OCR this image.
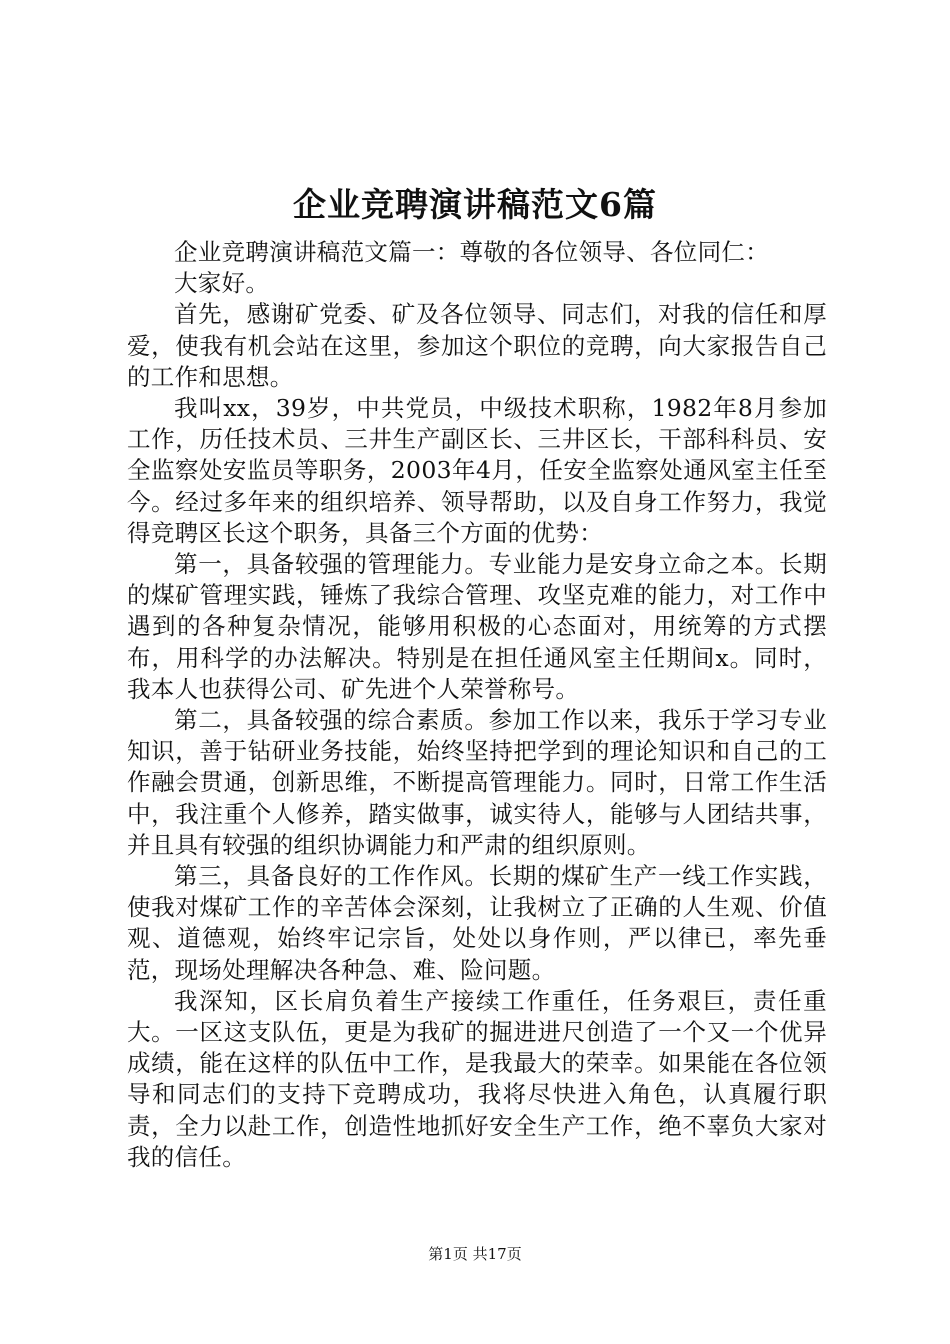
企业竞聘演讲稿范文6篇

企业竞聘演讲稿范文篇一：尊敬的各位领导、各位同仁：

大家好。

首先，感谢矿党委、矿及各位领导、同志们，对我的信任和厚爱，使我有机会站在这里，参加这个职位的竞聘，向大家报告自己的工作和思想。

我叫xx，39岁，中共党员，中级技术职称，1982年8月参加工作，历任技术员、三井生产副区长、三井区长，干部科科员、安全监察处安监员等职务，2003年4月，任安全监察处通风室主任至今。经过多年来的组织培养、领导帮助，以及自身工作努力，我觉得竞聘区长这个职务，具备三个方面的优势：

第一，具备较强的管理能力。专业能力是安身立命之本。长期的煤矿管理实践，锤炼了我综合管理、攻坚克难的能力，对工作中遇到的各种复杂情况，能够用积极的心态面对，用统筹的方式摆布，用科学的办法解决。特别是在担任通风室主任期间x。同时，我本人也获得公司、矿先进个人荣誉称号。

第二，具备较强的综合素质。参加工作以来，我乐于学习专业知识，善于钻研业务技能，始终坚持把学到的理论知识和自己的工作融会贯通，创新思维，不断提高管理能力。同时，日常工作生活中，我注重个人修养，踏实做事，诚实待人，能够与人团结共事，并且具有较强的组织协调能力和严肃的组织原则。

第三，具备良好的工作作风。长期的煤矿生产一线工作实践，使我对煤矿工作的辛苦体会深刻，让我树立了正确的人生观、价值观、道德观，始终牢记宗旨，处处以身作则，严以律已，率先垂范，现场处理解决各种急、难、险问题。

我深知，区长肩负着生产接续工作重任，任务艰巨，责任重大。一区这支队伍，更是为我矿的掘进进尺创造了一个又一个优异成绩，能在这样的队伍中工作，是我最大的荣幸。如果能在各位领导和同志们的支持下竞聘成功，我将尽快进入角色，认真履行职责，全力以赴工作，创造性地抓好安全生产工作，绝不辜负大家对我的信任。

第1页 共17页
